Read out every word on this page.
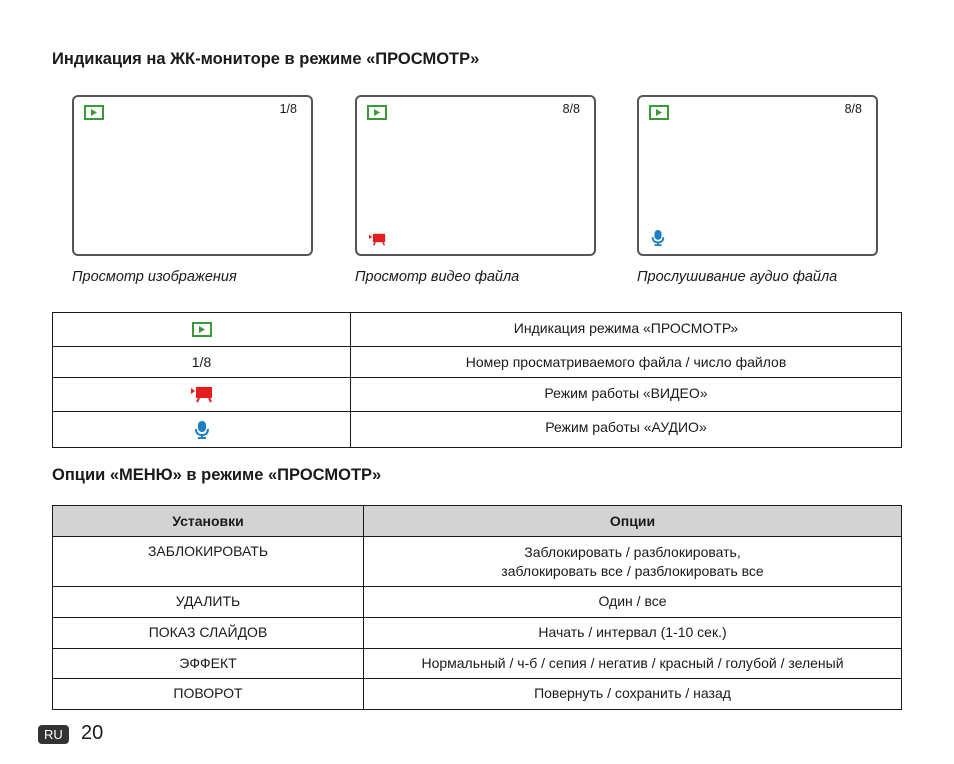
Индикация на ЖК-мониторе в режиме «ПРОСМОТР»
1/8
Просмотр изображения
8/8
Просмотр видео файла
8/8
Прослушивание аудио файла
	Индикация режима «ПРОСМОТР»
1/8	Номер просматриваемого файла / число файлов

	Режим работы «ВИДЕО»

	Режим работы «АУДИО»
Опции «МЕНЮ» в режиме «ПРОСМОТР»
Установки	Опции
ЗАБЛОКИРОВАТЬ	Заблокировать / разблокировать,
заблокировать все / разблокировать все

УДАЛИТЬ	Один / все
ПОКАЗ СЛАЙДОВ	Начать / интервал (1-10 сек.)
ЭФФЕКТ	Нормальный / ч-б / сепия / негатив / красный / голубой / зеленый
ПОВОРОТ	Повернуть / сохранить / назад
RU 20
